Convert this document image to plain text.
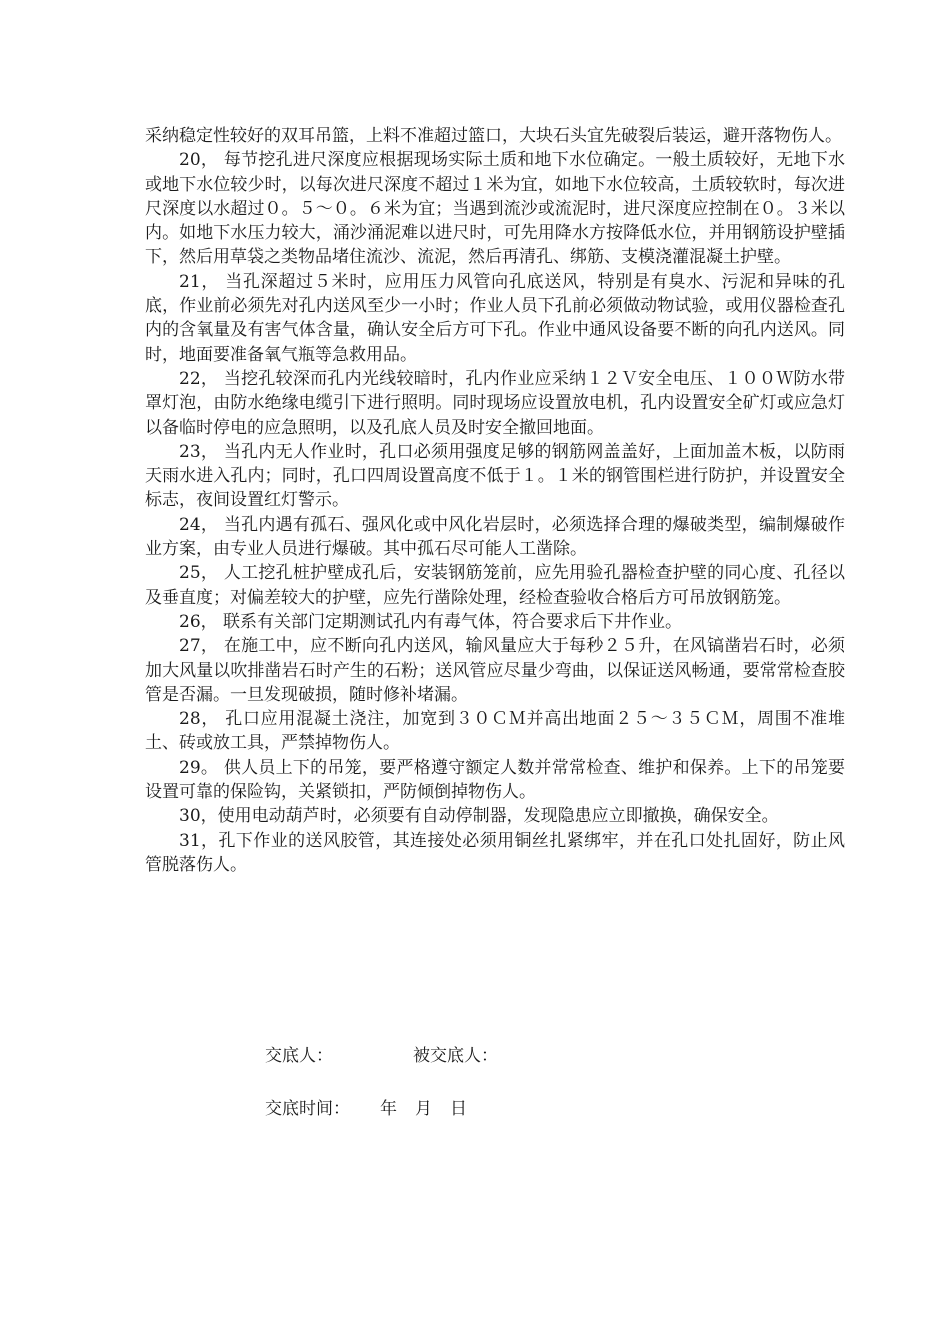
采纳稳定性较好的双耳吊篮，上料不准超过篮口，大块石头宜先破裂后装运，避开落物伤人。

20， 每节挖孔进尺深度应根据现场实际土质和地下水位确定。一般土质较好，无地下水或地下水位较少时，以每次进尺深度不超过１米为宜，如地下水位较高，土质较软时，每次进尺深度以水超过０。５～０。６米为宜；当遇到流沙或流泥时，进尺深度应控制在０。３米以内。如地下水压力较大，涌沙涌泥难以进尺时，可先用降水方按降低水位，并用钢筋设护壁插下，然后用草袋之类物品堵住流沙、流泥，然后再清孔、绑筋、支模浇灌混凝土护壁。

21， 当孔深超过５米时，应用压力风管向孔底送风，特别是有臭水、污泥和异味的孔底，作业前必须先对孔内送风至少一小时；作业人员下孔前必须做动物试验，或用仪器检查孔内的含氧量及有害气体含量，确认安全后方可下孔。作业中通风设备要不断的向孔内送风。同时，地面要准备氧气瓶等急救用品。

22， 当挖孔较深而孔内光线较暗时，孔内作业应采纳１２Ｖ安全电压、１００Ｗ防水带罩灯泡，由防水绝缘电缆引下进行照明。同时现场应设置放电机，孔内设置安全矿灯或应急灯以备临时停电的应急照明，以及孔底人员及时安全撤回地面。

23， 当孔内无人作业时，孔口必须用强度足够的钢筋网盖盖好，上面加盖木板，以防雨天雨水进入孔内；同时，孔口四周设置高度不低于１。１米的钢管围栏进行防护，并设置安全标志，夜间设置红灯警示。

24， 当孔内遇有孤石、强风化或中风化岩层时，必须选择合理的爆破类型，编制爆破作业方案，由专业人员进行爆破。其中孤石尽可能人工凿除。

25， 人工挖孔桩护壁成孔后，安装钢筋笼前，应先用验孔器检查护壁的同心度、孔径以及垂直度；对偏差较大的护壁，应先行凿除处理，经检查验收合格后方可吊放钢筋笼。

26， 联系有关部门定期测试孔内有毒气体，符合要求后下井作业。

27， 在施工中，应不断向孔内送风，输风量应大于每秒２５升，在风镐凿岩石时，必须加大风量以吹排凿岩石时产生的石粉；送风管应尽量少弯曲，以保证送风畅通，要常常检查胶管是否漏。一旦发现破损，随时修补堵漏。

28， 孔口应用混凝土浇注，加宽到３０ＣＭ并高出地面２５～３５ＣＭ，周围不准堆土、砖或放工具，严禁掉物伤人。

29。 供人员上下的吊笼，要严格遵守额定人数并常常检查、维护和保养。上下的吊笼要设置可靠的保险钩，关紧锁扣，严防倾倒掉物伤人。

30，使用电动葫芦时，必须要有自动停制器，发现隐患应立即撤换，确保安全。

31，孔下作业的送风胶管，其连接处必须用铜丝扎紧绑牢，并在孔口处扎固好，防止风管脱落伤人。

交底人：	被交底人：
交底时间： 年 月 日
